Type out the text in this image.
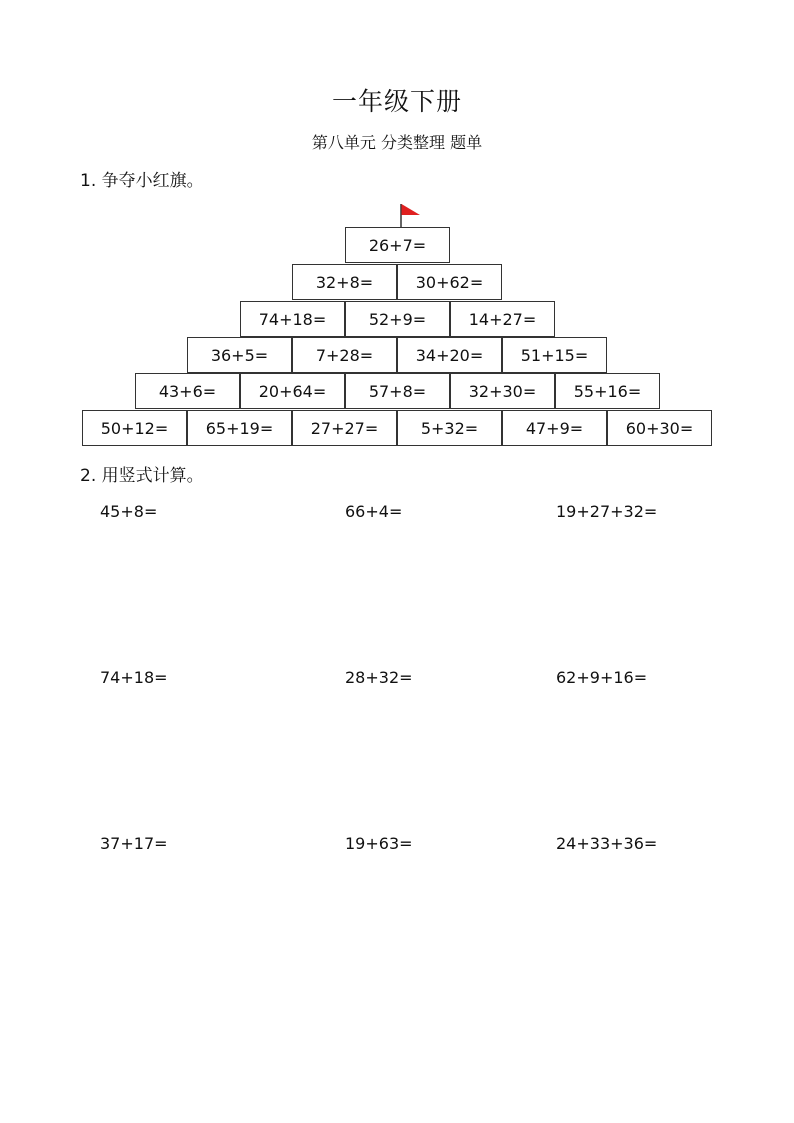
一年级下册
第八单元 分类整理 题单
1. 争夺小红旗。
26+7=
32+8=	30+62=
74+18=	52+9=	14+27=
36+5=	7+28=	34+20=	51+15=
43+6=	20+64=	57+8=	32+30=	55+16=
50+12=	65+19=	27+27=	5+32=	47+9=	60+30=
2. 用竖式计算。
45+8=	66+4=	19+27+32=
74+18=	28+32=	62+9+16=
37+17=	19+63=	24+33+36=
